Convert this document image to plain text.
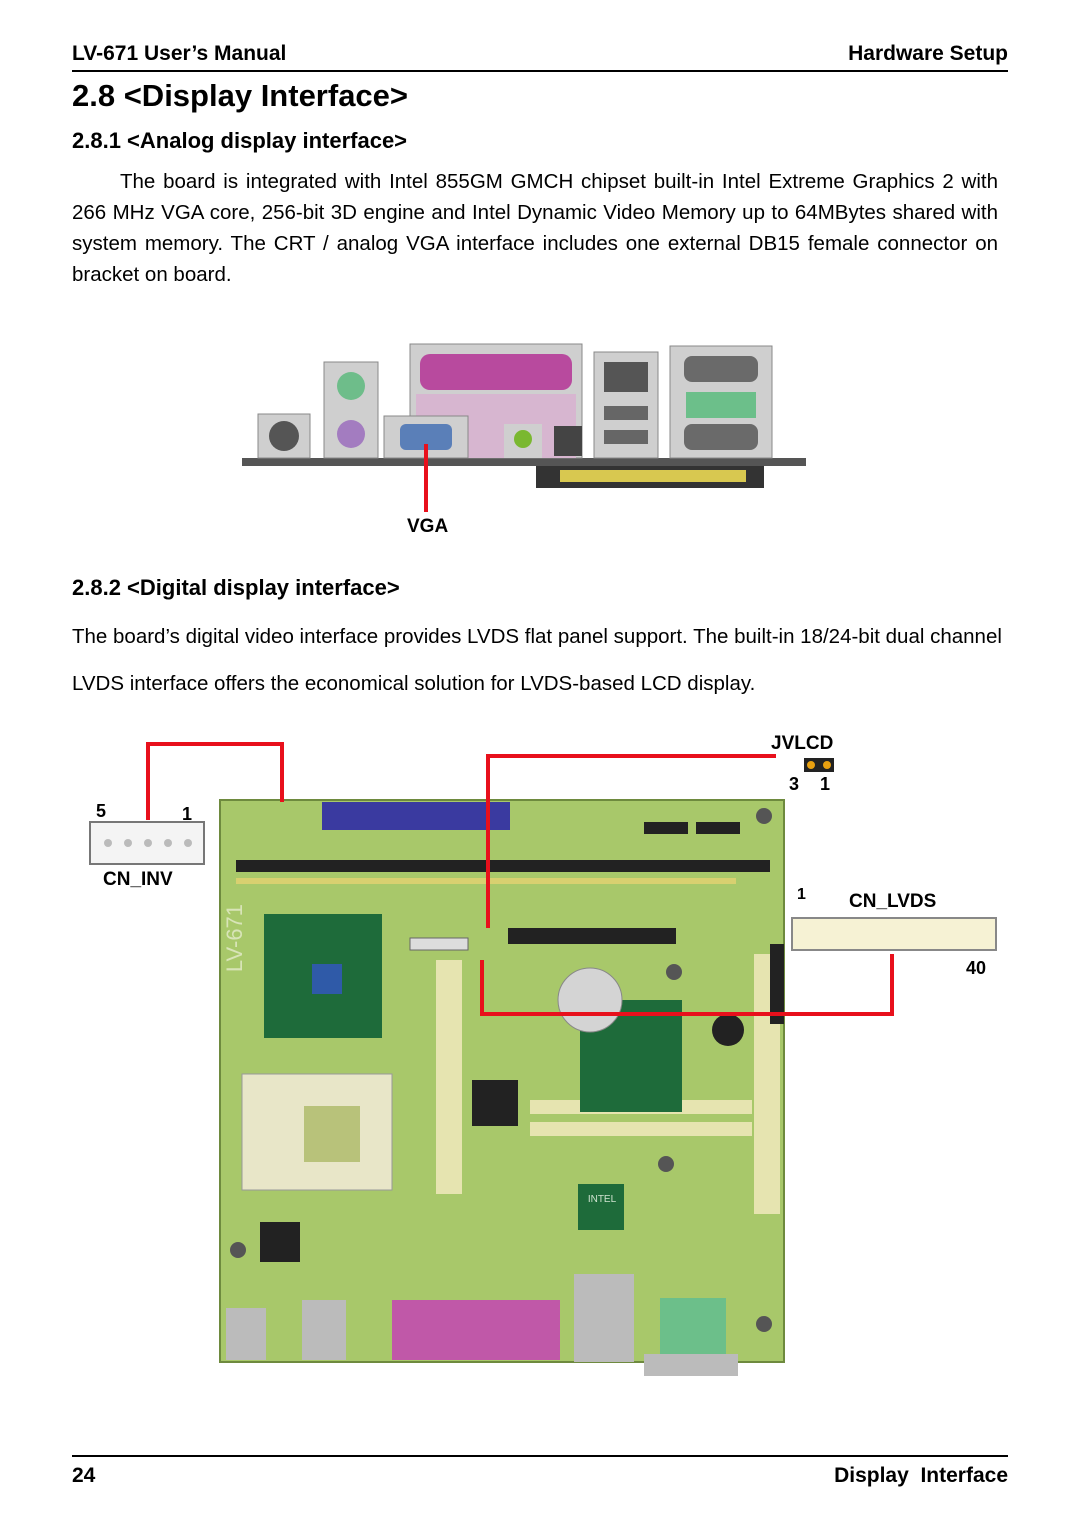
LV-671 User’s Manual	Hardware Setup
2.8 <Display Interface>
2.8.1 <Analog display interface>
The board is integrated with Intel 855GM GMCH chipset built-in Intel Extreme Graphics 2 with 266 MHz VGA core, 256-bit 3D engine and Intel Dynamic Video Memory up to 64MBytes shared with system memory. The CRT / analog VGA interface includes one external DB15 female connector on bracket on board.
VGA
2.8.2 <Digital display interface>
The board’s digital video interface provides LVDS flat panel support. The built-in 18/24-bit dual channel LVDS interface offers the economical solution for LVDS-based LCD display.
LV-671
INTEL
5	1
CN_INV
JVLCD
3 1
1 CN_LVDS
40
24	Display  Interface
